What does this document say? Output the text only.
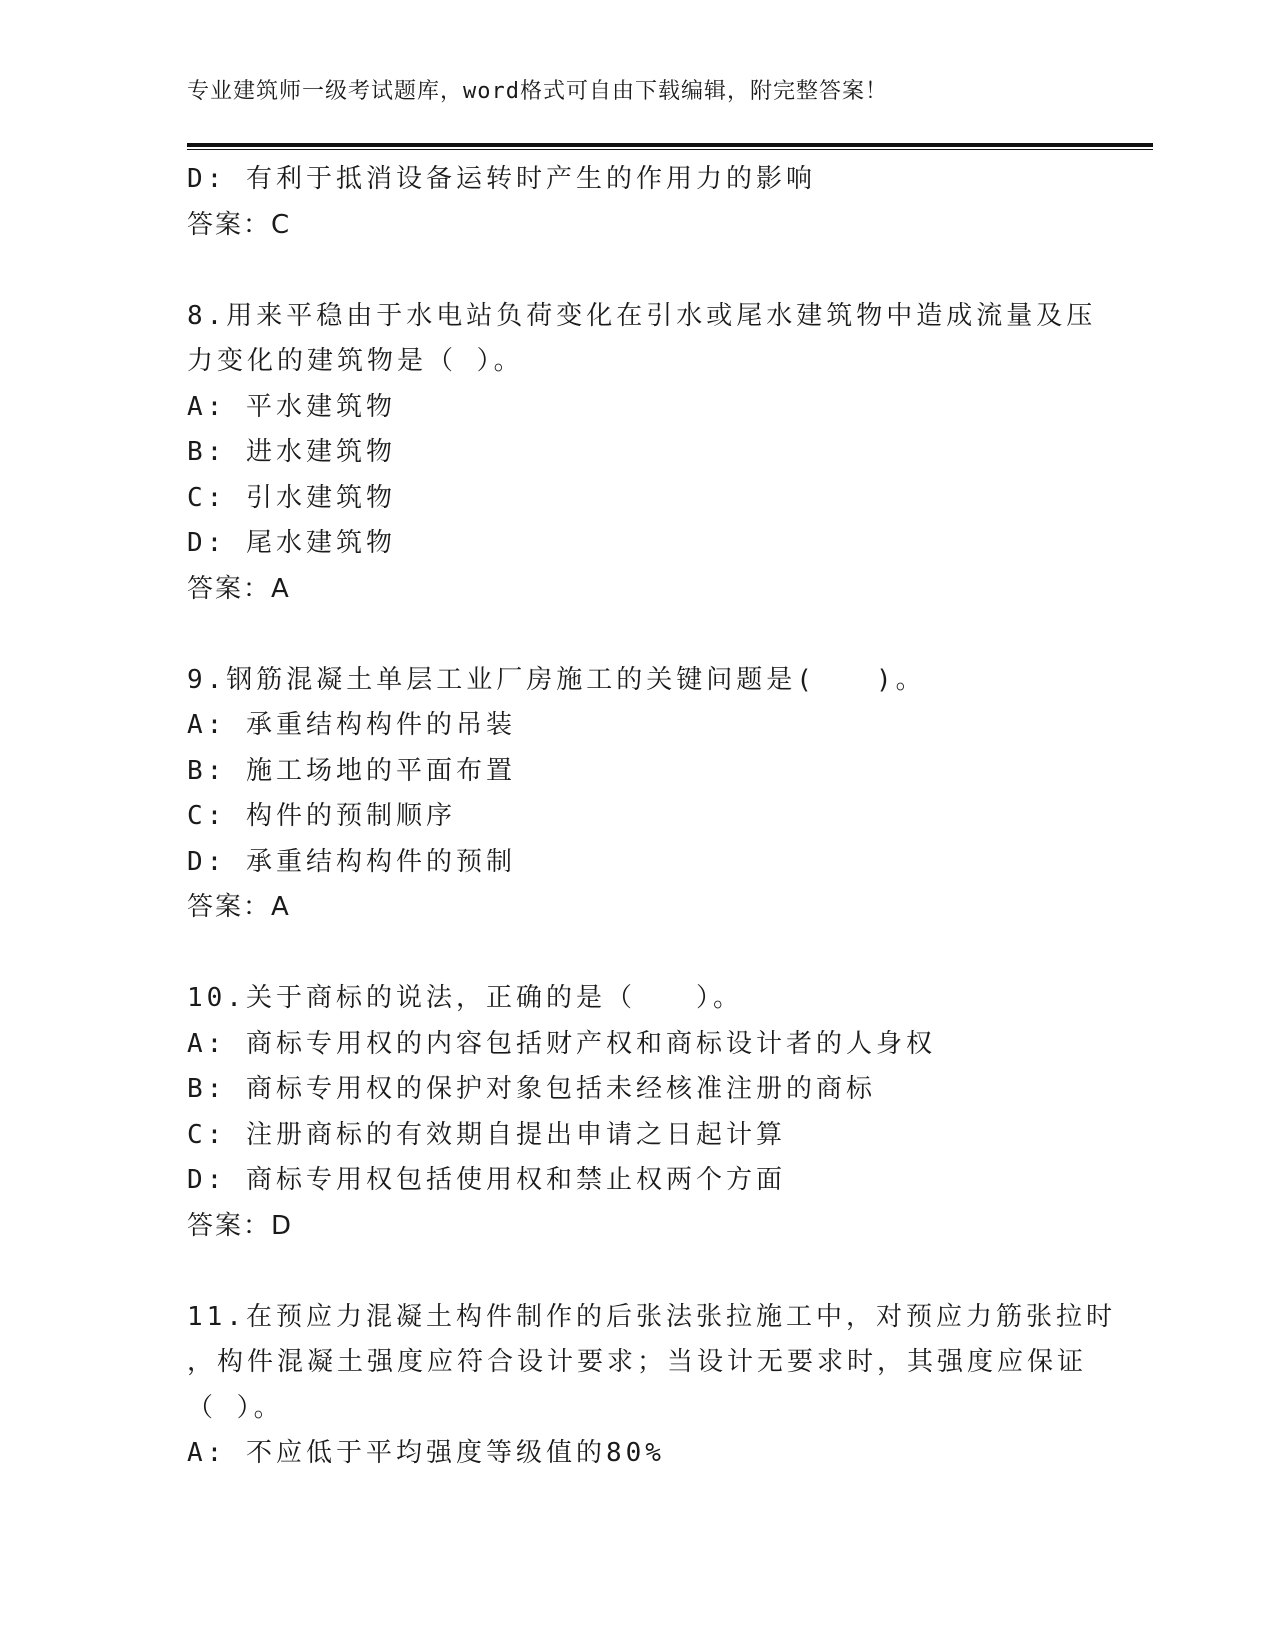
专业建筑师一级考试题库，word格式可自由下载编辑，附完整答案！
D: 有利于抵消设备运转时产生的作用力的影响
答案：C
8.用来平稳由于水电站负荷变化在引水或尾水建筑物中造成流量及压
力变化的建筑物是（ ）。
A: 平水建筑物
B: 进水建筑物
C: 引水建筑物
D: 尾水建筑物
答案：A
9.钢筋混凝土单层工业厂房施工的关键问题是(　　)。
A: 承重结构构件的吊装
B: 施工场地的平面布置
C: 构件的预制顺序
D: 承重结构构件的预制
答案：A
10.关于商标的说法，正确的是（　　）。
A: 商标专用权的内容包括财产权和商标设计者的人身权
B: 商标专用权的保护对象包括未经核准注册的商标
C: 注册商标的有效期自提出申请之日起计算
D: 商标专用权包括使用权和禁止权两个方面
答案：D
11.在预应力混凝土构件制作的后张法张拉施工中，对预应力筋张拉时
，构件混凝土强度应符合设计要求；当设计无要求时，其强度应保证
（ ）。
A: 不应低于平均强度等级值的80%
